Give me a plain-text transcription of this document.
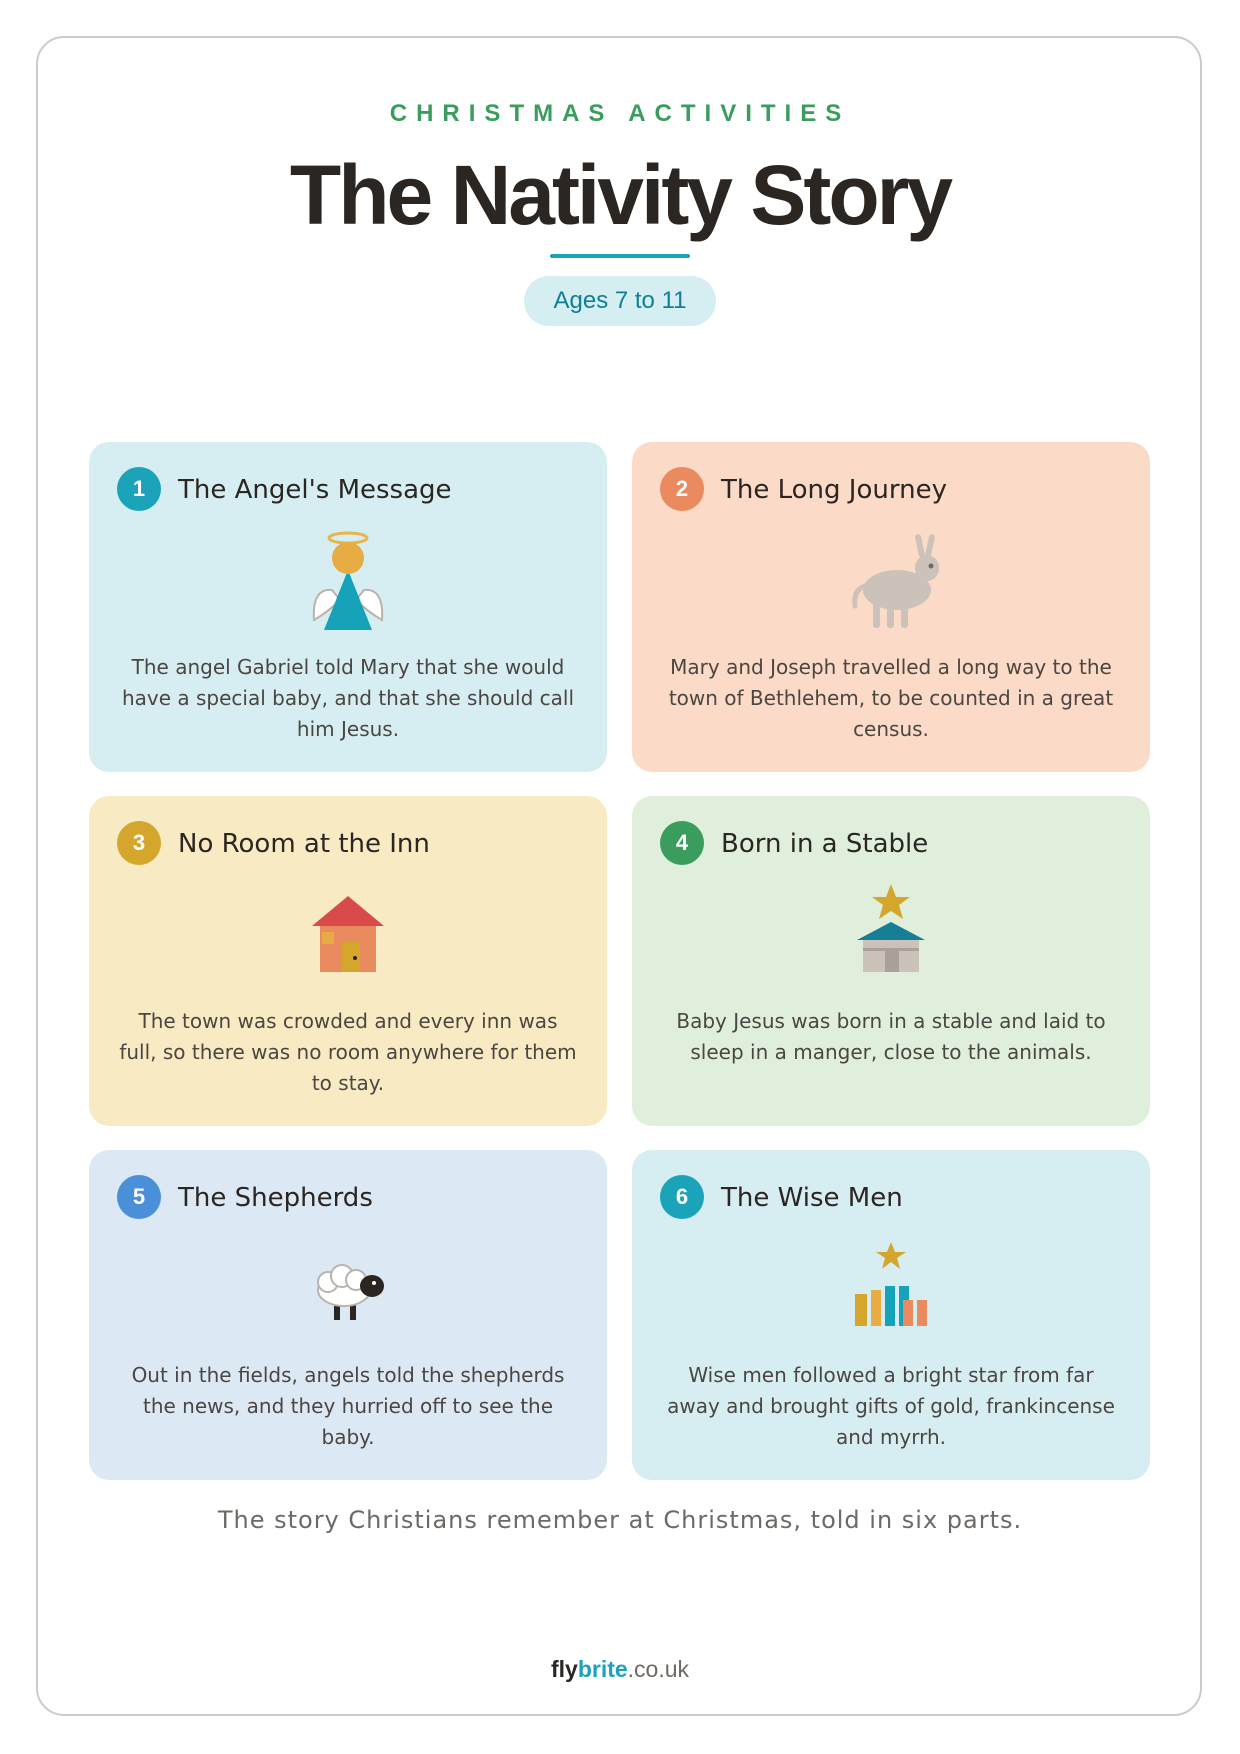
CHRISTMAS ACTIVITIES
The Nativity Story
Ages 7 to 11
1	The Angel's Message
The angel Gabriel told Mary that she would have a special baby, and that she should call him Jesus.
2	The Long Journey
Mary and Joseph travelled a long way to the town of Bethlehem, to be counted in a great census.
3	No Room at the Inn
The town was crowded and every inn was full, so there was no room anywhere for them to stay.
4	Born in a Stable
Baby Jesus was born in a stable and laid to sleep in a manger, close to the animals.
5	The Shepherds
Out in the fields, angels told the shepherds the news, and they hurried off to see the baby.
6	The Wise Men
Wise men followed a bright star from far away and brought gifts of gold, frankincense and myrrh.
The story Christians remember at Christmas, told in six parts.
flybrite.co.uk
